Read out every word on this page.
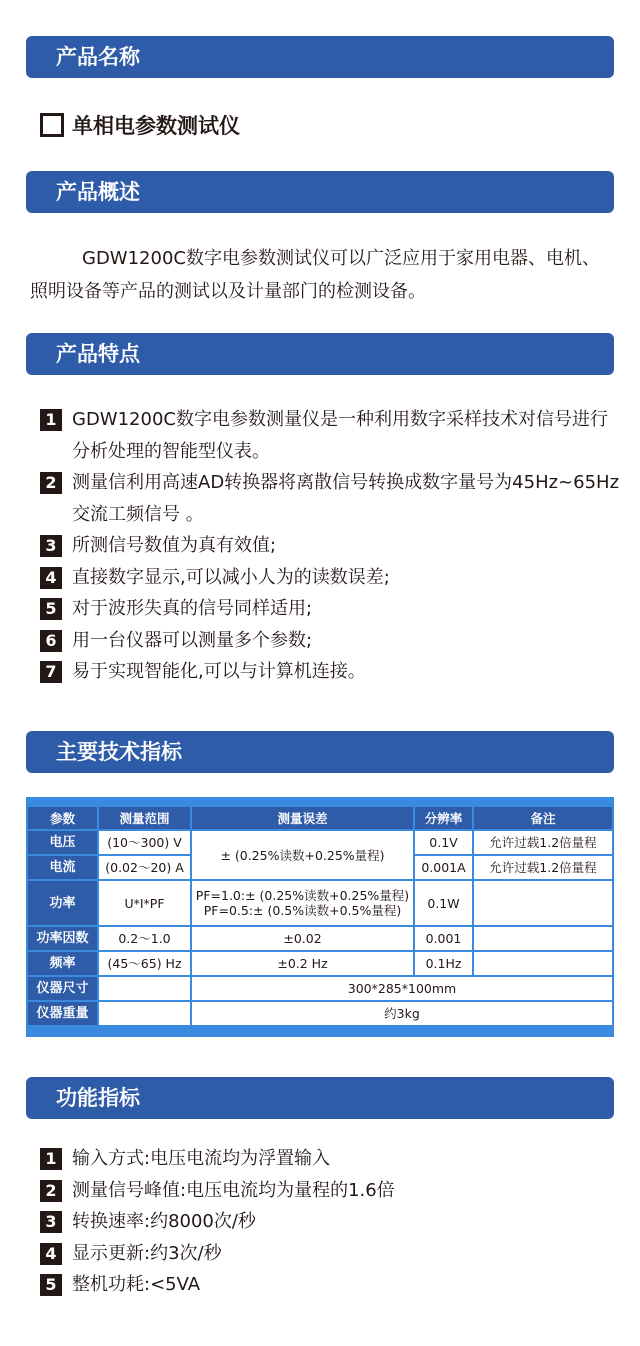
产品名称
单相电参数测试仪
产品概述
GDW1200C数字电参数测试仪可以广泛应用于家用电器、电机、照明设备等产品的测试以及计量部门的检测设备。
产品特点
1 GDW1200C数字电参数测量仪是一种利用数字采样技术对信号进行分析处理的智能型仪表。
2 测量信利用高速AD转换器将离散信号转换成数字量号为45Hz~65Hz交流工频信号 。
3 所测信号数值为真有效值;
4 直接数字显示,可以减小人为的读数误差;
5 对于波形失真的信号同样适用;
6 用一台仪器可以测量多个参数;
7 易于实现智能化,可以与计算机连接。
主要技术指标
参数	测量范围	测量误差	分辨率	备注
电压	(10～300) V	± (0.25%读数+0.25%量程)	0.1V	允许过载1.2倍量程
电流	(0.02～20) A		0.001A	允许过载1.2倍量程
功率	U*I*PF	PF=1.0:± (0.25%读数+0.25%量程)
PF=0.5:± (0.5%读数+0.5%量程)	0.1W	
功率因数	0.2～1.0	±0.02	0.001	
频率	(45～65) Hz	±0.2 Hz	0.1Hz	
仪器尺寸		300*285*100mm		
仪器重量		约3kg		
功能指标
1 输入方式:电压电流均为浮置输入
2 测量信号峰值:电压电流均为量程的1.6倍
3 转换速率:约8000次/秒
4 显示更新:约3次/秒
5 整机功耗:<5VA
